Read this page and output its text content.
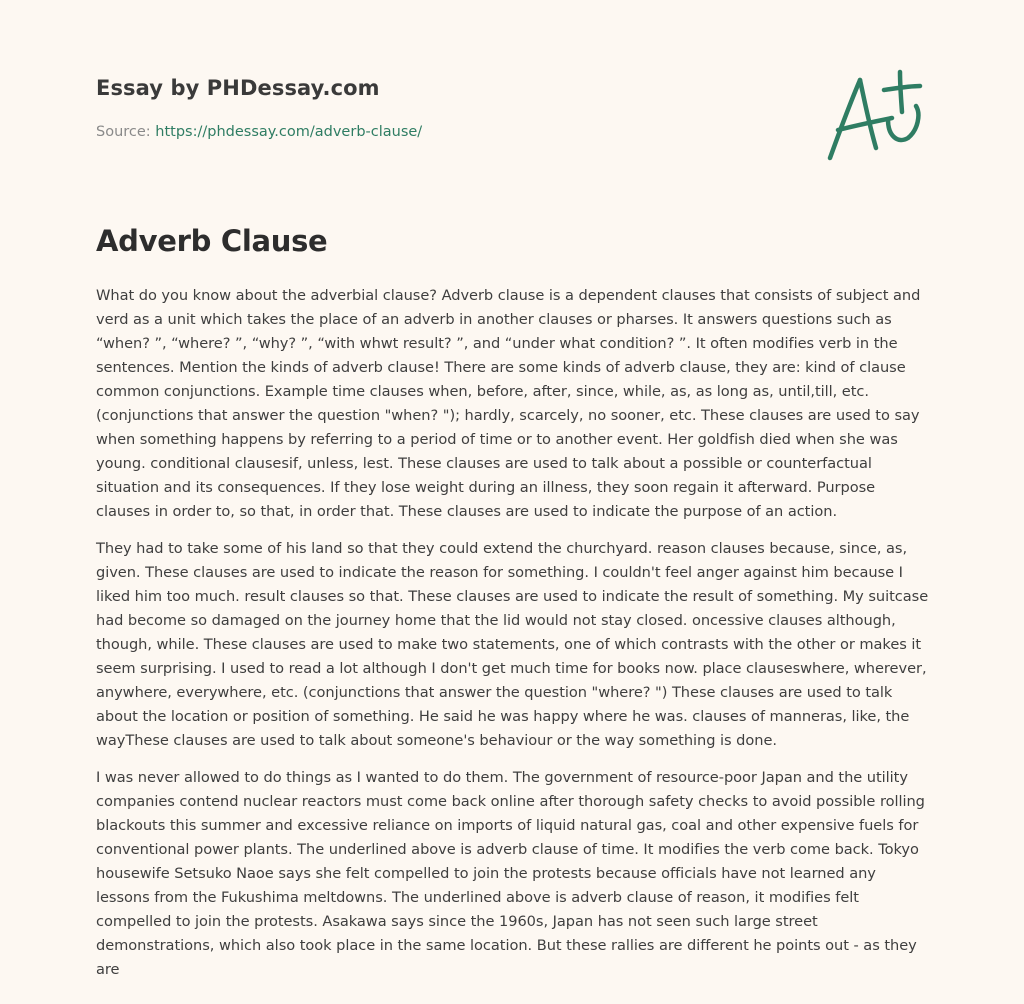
Essay by PHDessay.com
Source: https://phdessay.com/adverb-clause/
Adverb Clause

What do you know about the adverbial clause? Adverb clause is a dependent clauses that consists of subject and verd as a unit which takes the place of an adverb in another clauses or pharses. It answers questions such as “when? ”, “where? ”, “why? ”, “with whwt result? ”, and “under what condition? ”. It often modifies verb in the sentences. Mention the kinds of adverb clause! There are some kinds of adverb clause, they are: kind of clause common conjunctions. Example time clauses when, before, after, since, while, as, as long as, until,till, etc. (conjunctions that answer the question "when? "); hardly, scarcely, no sooner, etc. These clauses are used to say when something happens by referring to a period of time or to another event. Her goldfish died when she was young. conditional clausesif, unless, lest. These clauses are used to talk about a possible or counterfactual situation and its consequences. If they lose weight during an illness, they soon regain it afterward. Purpose clauses in order to, so that, in order that. These clauses are used to indicate the purpose of an action.

They had to take some of his land so that they could extend the churchyard. reason clauses because, since, as, given. These clauses are used to indicate the reason for something. I couldn't feel anger against him because I liked him too much. result clauses so that. These clauses are used to indicate the result of something. My suitcase had become so damaged on the journey home that the lid would not stay closed. oncessive clauses although, though, while. These clauses are used to make two statements, one of which contrasts with the other or makes it seem surprising. I used to read a lot although I don't get much time for books now. place clauseswhere, wherever, anywhere, everywhere, etc. (conjunctions that answer the question "where? ") These clauses are used to talk about the location or position of something. He said he was happy where he was. clauses of manneras, like, the wayThese clauses are used to talk about someone's behaviour or the way something is done.

I was never allowed to do things as I wanted to do them. The government of resource-poor Japan and the utility companies contend nuclear reactors must come back online after thorough safety checks to avoid possible rolling blackouts this summer and excessive reliance on imports of liquid natural gas, coal and other expensive fuels for conventional power plants. The underlined above is adverb clause of time. It modifies the verb come back. Tokyo housewife Setsuko Naoe says she felt compelled to join the protests because officials have not learned any lessons from the Fukushima meltdowns. The underlined above is adverb clause of reason, it modifies felt compelled to join the protests. Asakawa says since the 1960s, Japan has not seen such large street demonstrations, which also took place in the same location. But these rallies are different he points out - as they are
